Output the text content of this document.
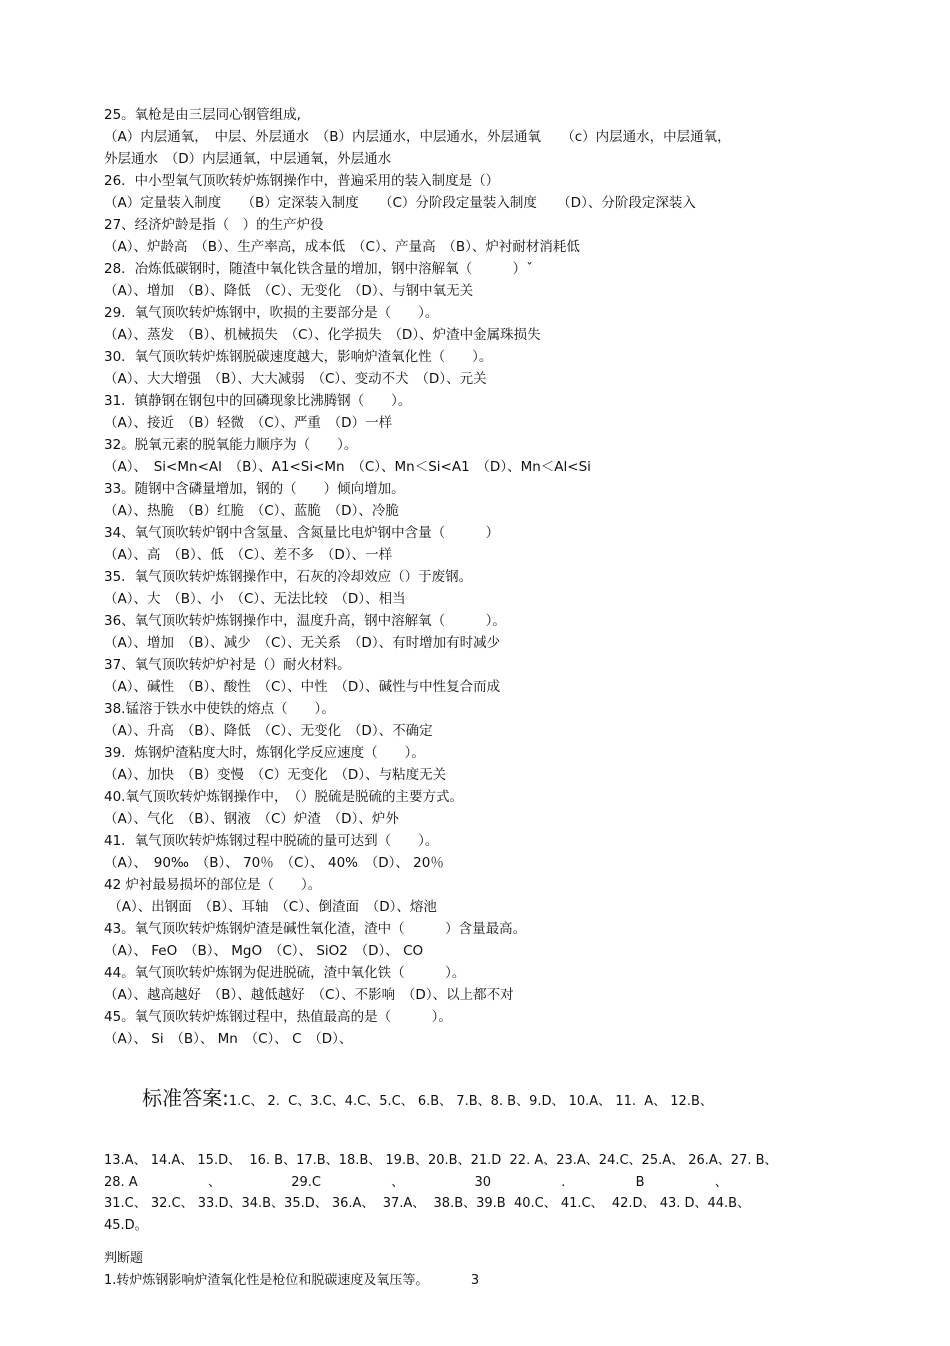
25。氧枪是由三层同心钢管组成,
（A）内层通氧，　中层、外层通水　（B）内层通水，中层通水，外层通氧　　（c）内层通水，中层通氧，
外层通水　（D）内层通氧，中层通氧，外层通水
26．中小型氧气顶吹转炉炼钢操作中，普遍采用的装入制度是（）
（A）定量装入制度　　（B）定深装入制度　　（C）分阶段定量装入制度　　（D）、分阶段定深装入
27、经济炉龄是指（　）的生产炉役
（A）、炉龄高　（B）、生产率高，成本低　（C）、产量高　（B）、炉衬耐材消耗低
28．冶炼低碳钢时，随渣中氧化铁含量的增加，钢中溶解氧（　　　）ˇ
（A）、增加　（B）、降低　（C）、无变化　（D）、与钢中氧无关
29．氧气顶吹转炉炼钢中，吹损的主要部分是（　　）。
（A）、蒸发　（B）、机械损失　（C）、化学损失　（D）、炉渣中金属珠损失
30．氧气顶吹转炉炼钢脱碳速度越大，影响炉渣氧化性（　　）。
（A）、大大增强　（B）、大大减弱　（C）、变动不犬　（D）、元关
31．镇静钢在钢包中的回磷现象比沸腾钢（　　）。
（A）、接近　（B）轻微　（C）、严重　（D）一样
32。脱氧元素的脱氧能力顺序为（　　）。
（A）、　Si<Mn<Al　（B）、A1<Si<Mn　（C）、Mn＜Si<A1　（D）、Mn＜Al<Si
33。随钢中含磷量增加，钢的（　　）倾向增加。
（A）、热脆　（B）红脆　（C）、蓝脆　（D）、冷脆
34、氧气顶吹转炉钢中含氢量、含氮量比电炉钢中含量（　　　）
（A）、高　（B）、低　（C）、差不多　（D）、一样
35．氧气顶吹转炉炼钢操作中，石灰的冷却效应（）于废钢。
（A）、大　（B）、小　（C）、无法比较　（D）、相当
36、氧气顶吹转炉炼钢操作中，温度升高，钢中溶解氧（　　　）。
（A）、增加　（B）、减少　（C）、无关系　（D）、有时增加有时减少
37、氧气顶吹转炉炉衬是（）耐火材料。
（A）、碱性　（B）、酸性　（C）、中性　（D）、碱性与中性复合而成
38.锰溶于铁水中使铁的熔点（　　）。
（A）、升高　（B）、降低　（C）、无变化　（D）、不确定
39．炼钢炉渣粘度大时，炼钢化学反应速度（　　）。
（A）、加快　（B）变慢　（C）无变化　（D）、与粘度无关
40.氧气顶吹转炉炼钢操作中，　（）脱硫是脱硫的主要方式。
（A）、气化　（B）、钢液　（C）炉渣　（D）、炉外
41．氧气顶吹转炉炼钢过程中脱硫的量可达到（　　）。
（A）、　90‰　（B）、 70％　（C）、 40%　（D）、 20％
42 炉衬最易损坏的部位是（　　）。
（A）、出钢面　（B）、耳轴　（C）、倒渣面　（D）、熔池
43。氧气顶吹转炉炼钢炉渣是碱性氧化渣，渣中（　　　）含量最高。
（A）、 FeO　（B）、 MgO　（C）、 SiO2　（D）、 CO
44。氧气顶吹转炉炼钢为促进脱硫，渣中氧化铁（　　　）。
（A）、越高越好　（B）、越低越好　（C）、不影响　（D）、以上都不对
45。氧气顶吹转炉炼钢过程中，热值最高的是（　　　）。
（A）、 Si　（B）、 Mn　（C）、 C　（D）、

标准答案:1.C、 2.  C、3.C、4.C、5.C、 6.B、 7.B、8. B、9.D、 10.A、 11.  A、 12.B、

13.A、 14.A、 15.D、  16. B、17.B、18.B、 19.B、20.B、21.D  22. A、23.A、24.C、25.A、 26.A、27. B、
28. A                 、                 29.C                 、                 30                 .                 B                 、
31.C、 32.C、 33.D、34.B、35.D、 36.A、  37.A、  38.B、39.B  40.C、 41.C、  42.D、 43. D、44.B、
45.D。
判断题
1.转炉炼钢影响炉渣氧化性是枪位和脱碳速度及氧压等。	3
